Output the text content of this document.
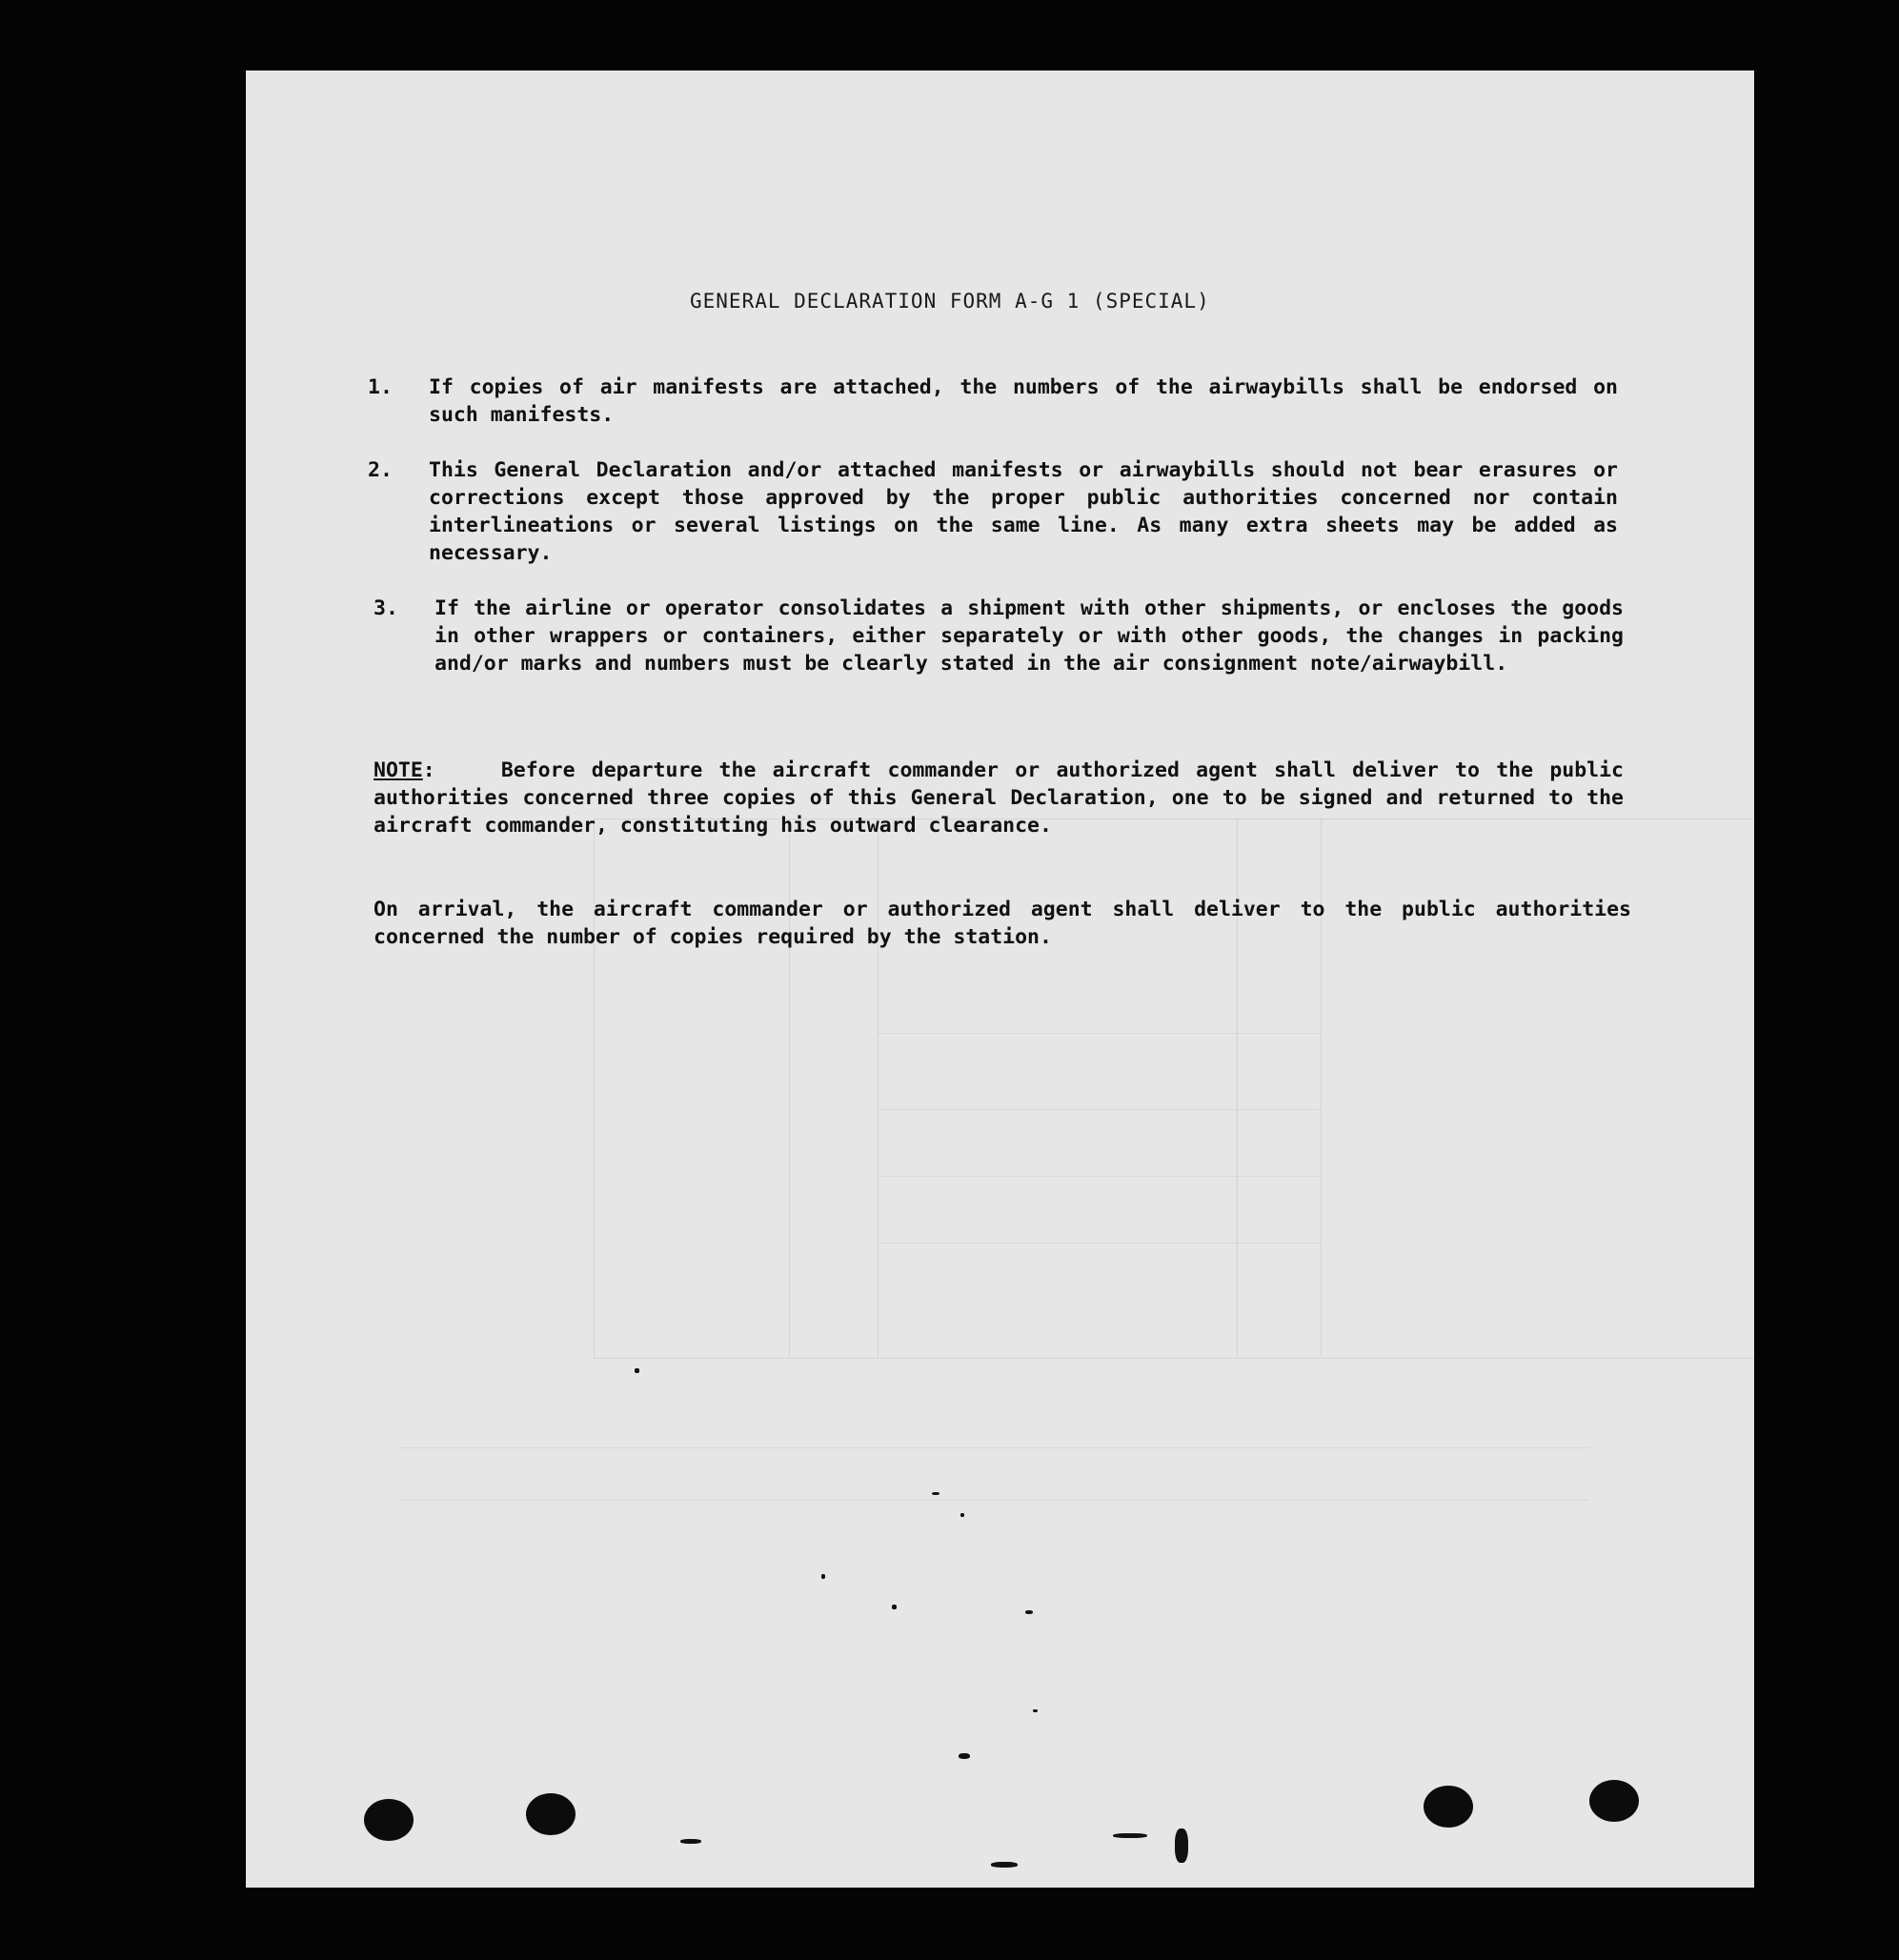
GENERAL DECLARATION FORM A-G 1 (SPECIAL)
1. If copies of air manifests are attached, the numbers of the airwaybills shall be endorsed on such manifests.
2. This General Declaration and/or attached manifests or airwaybills should not bear erasures or corrections except those approved by the proper public authorities concerned nor contain interlineations or several listings on the same line. As many extra sheets may be added as necessary.
3. If the airline or operator consolidates a shipment with other shipments, or encloses the goods in other wrappers or containers, either separately or with other goods, the changes in packing and/or marks and numbers must be clearly stated in the air consignment note/airwaybill.
NOTE:    Before departure the aircraft commander or authorized agent shall deliver to the public authorities concerned three copies of this General Declaration, one to be signed and returned to the aircraft commander, constituting his outward clearance.
On arrival, the aircraft commander or authorized agent shall deliver to the public authorities concerned the number of copies required by the station.
